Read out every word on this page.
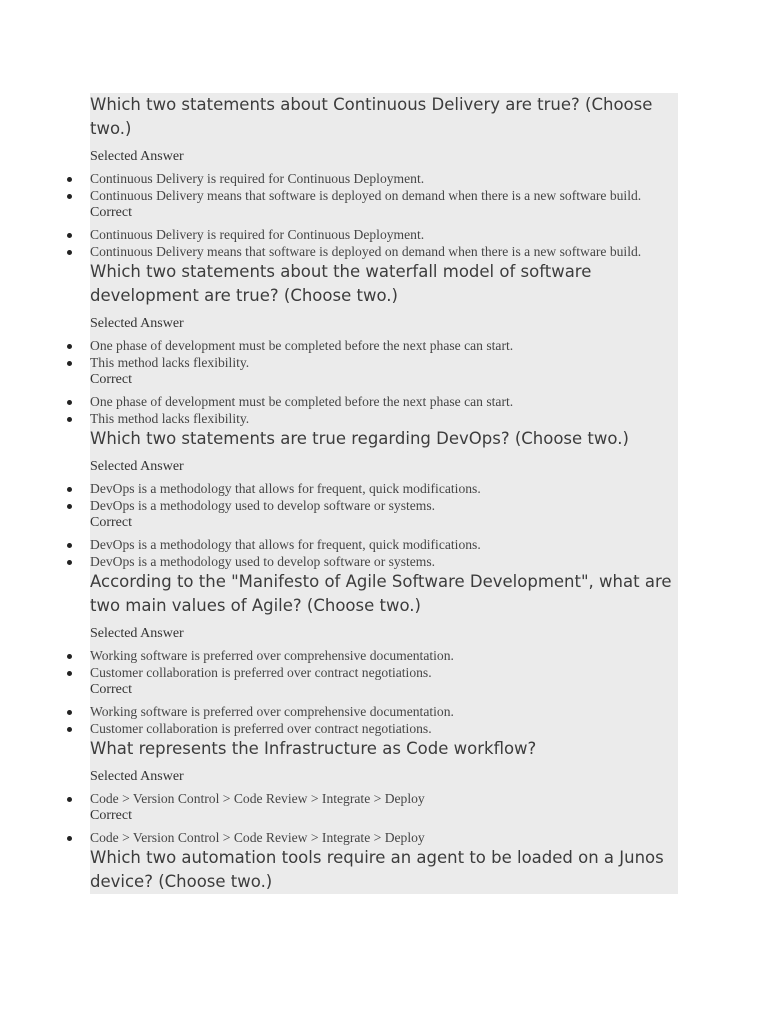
Which two statements about Continuous Delivery are true? (Choose two.)
Selected Answer
Continuous Delivery is required for Continuous Deployment.
Continuous Delivery means that software is deployed on demand when there is a new software build.
Correct
Continuous Delivery is required for Continuous Deployment.
Continuous Delivery means that software is deployed on demand when there is a new software build.
Which two statements about the waterfall model of software development are true? (Choose two.)
Selected Answer
One phase of development must be completed before the next phase can start.
This method lacks flexibility.
Correct
One phase of development must be completed before the next phase can start.
This method lacks flexibility.
Which two statements are true regarding DevOps? (Choose two.)
Selected Answer
DevOps is a methodology that allows for frequent, quick modifications.
DevOps is a methodology used to develop software or systems.
Correct
DevOps is a methodology that allows for frequent, quick modifications.
DevOps is a methodology used to develop software or systems.
According to the "Manifesto of Agile Software Development", what are two main values of Agile? (Choose two.)
Selected Answer
Working software is preferred over comprehensive documentation.
Customer collaboration is preferred over contract negotiations.
Correct
Working software is preferred over comprehensive documentation.
Customer collaboration is preferred over contract negotiations.
What represents the Infrastructure as Code workflow?
Selected Answer
Code > Version Control > Code Review > Integrate > Deploy
Correct
Code > Version Control > Code Review > Integrate > Deploy
Which two automation tools require an agent to be loaded on a Junos device? (Choose two.)
